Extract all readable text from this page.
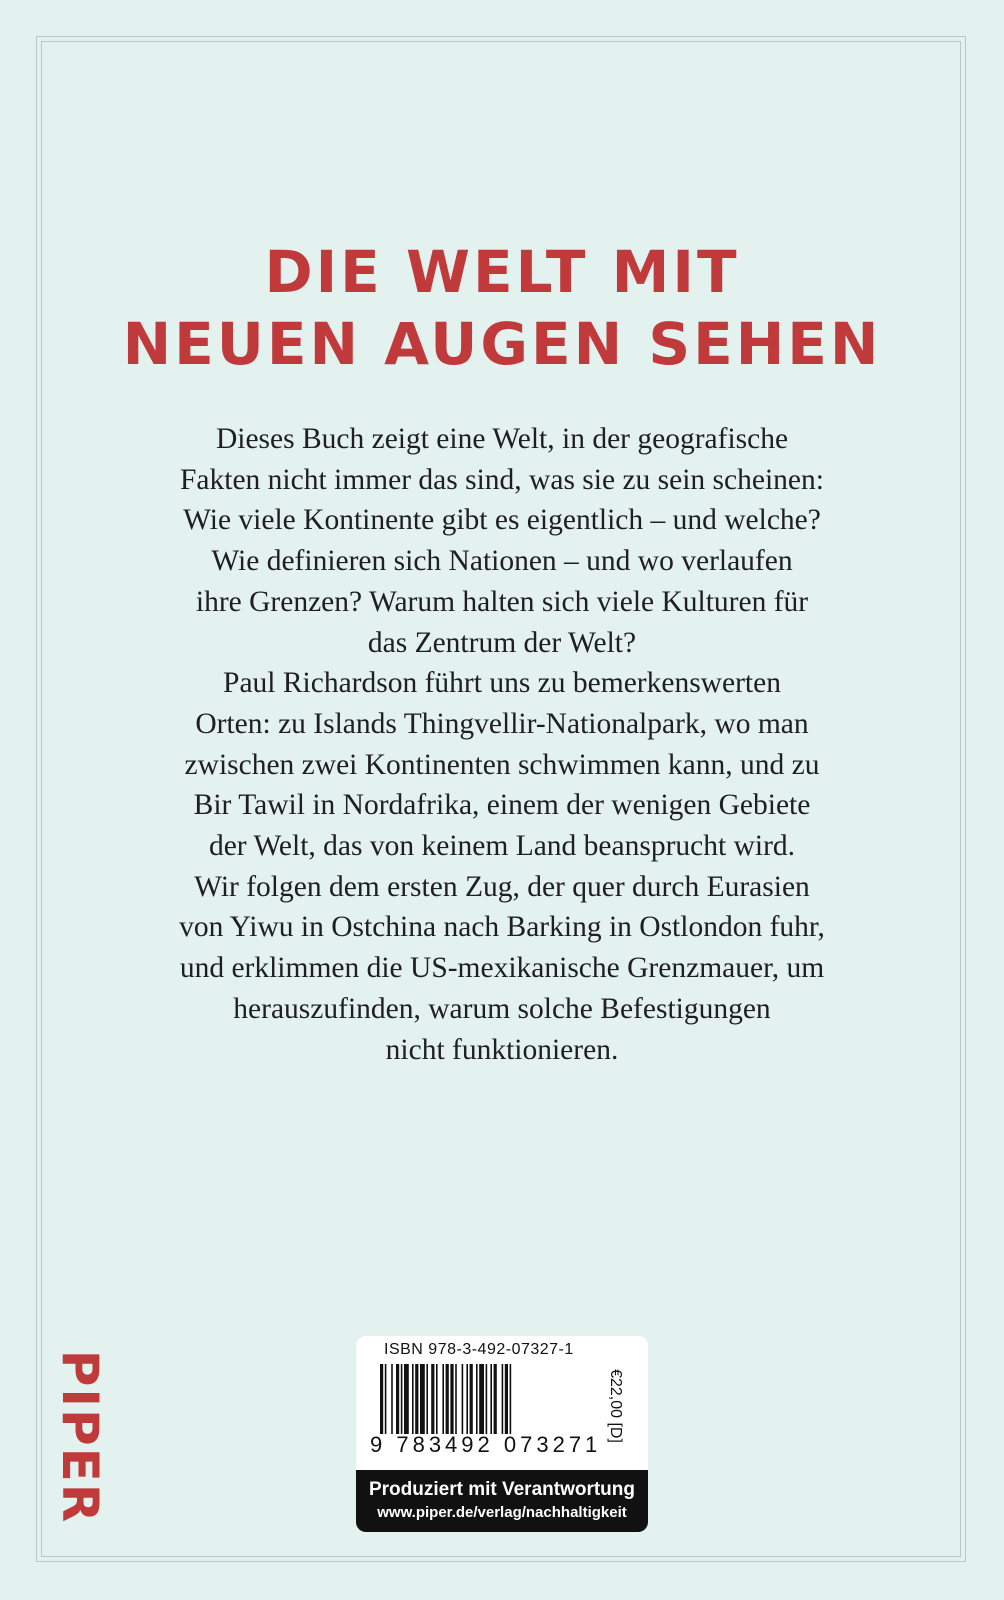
DIE WELT MIT
NEUEN AUGEN SEHEN
Dieses Buch zeigt eine Welt, in der geografische
Fakten nicht immer das sind, was sie zu sein scheinen:
Wie viele Kontinente gibt es eigentlich – und welche?
Wie definieren sich Nationen – und wo verlaufen
ihre Grenzen? Warum halten sich viele Kulturen für
das Zentrum der Welt?
Paul Richardson führt uns zu bemerkenswerten
Orten: zu Islands Thingvellir-Nationalpark, wo man
zwischen zwei Kontinenten schwimmen kann, und zu
Bir Tawil in Nordafrika, einem der wenigen Gebiete
der Welt, das von keinem Land beansprucht wird.
Wir folgen dem ersten Zug, der quer durch Eurasien
von Yiwu in Ostchina nach Barking in Ostlondon fuhr,
und erklimmen die US-mexikanische Grenzmauer, um
herauszufinden, warum solche Befestigungen
nicht funktionieren.
PIPER
ISBN 978-3-492-07327-1
9 783492 073271
€22,00 [D]
Produziert mit Verantwortung
www.piper.de/verlag/nachhaltigkeit
